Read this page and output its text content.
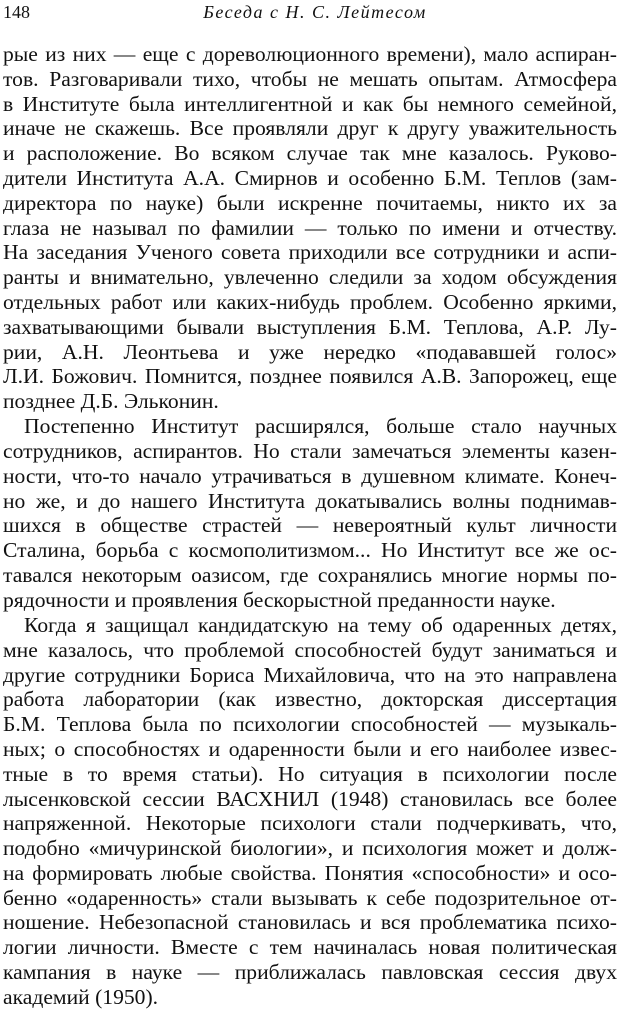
148	Беседа с Н. С. Лейтесом
рые из них — еще с дореволюционного времени), мало аспиран-
тов. Разговаривали тихо, чтобы не мешать опытам. Атмосфера
в Институте была интеллигентной и как бы немного семейной,
иначе не скажешь. Все проявляли друг к другу уважительность
и расположение. Во всяком случае так мне казалось. Руково-
дители Института А.А. Смирнов и особенно Б.М. Теплов (зам-
директора по науке) были искренне почитаемы, никто их за
глаза не называл по фамилии — только по имени и отчеству.
На заседания Ученого совета приходили все сотрудники и аспи-
ранты и внимательно, увлеченно следили за ходом обсуждения
отдельных работ или каких-нибудь проблем. Особенно яркими,
захватывающими бывали выступления Б.М. Теплова, А.Р. Лу-
рии, А.Н. Леонтьева и уже нередко «подававшей голос»
Л.И. Божович. Помнится, позднее появился А.В. Запорожец, еще
позднее Д.Б. Эльконин.
Постепенно Институт расширялся, больше стало научных
сотрудников, аспирантов. Но стали замечаться элементы казен-
ности, что-то начало утрачиваться в душевном климате. Конеч-
но же, и до нашего Института докатывались волны поднимав-
шихся в обществе страстей — невероятный культ личности
Сталина, борьба с космополитизмом... Но Институт все же ос-
тавался некоторым оазисом, где сохранялись многие нормы по-
рядочности и проявления бескорыстной преданности науке.
Когда я защищал кандидатскую на тему об одаренных детях,
мне казалось, что проблемой способностей будут заниматься и
другие сотрудники Бориса Михайловича, что на это направлена
работа лаборатории (как известно, докторская диссертация
Б.М. Теплова была по психологии способностей — музыкаль-
ных; о способностях и одаренности были и его наиболее извес-
тные в то время статьи). Но ситуация в психологии после
лысенковской сессии ВАСХНИЛ (1948) становилась все более
напряженной. Некоторые психологи стали подчеркивать, что,
подобно «мичуринской биологии», и психология может и долж-
на формировать любые свойства. Понятия «способности» и осо-
бенно «одаренность» стали вызывать к себе подозрительное от-
ношение. Небезопасной становилась и вся проблематика психо-
логии личности. Вместе с тем начиналась новая политическая
кампания в науке — приближалась павловская сессия двух
академий (1950).
